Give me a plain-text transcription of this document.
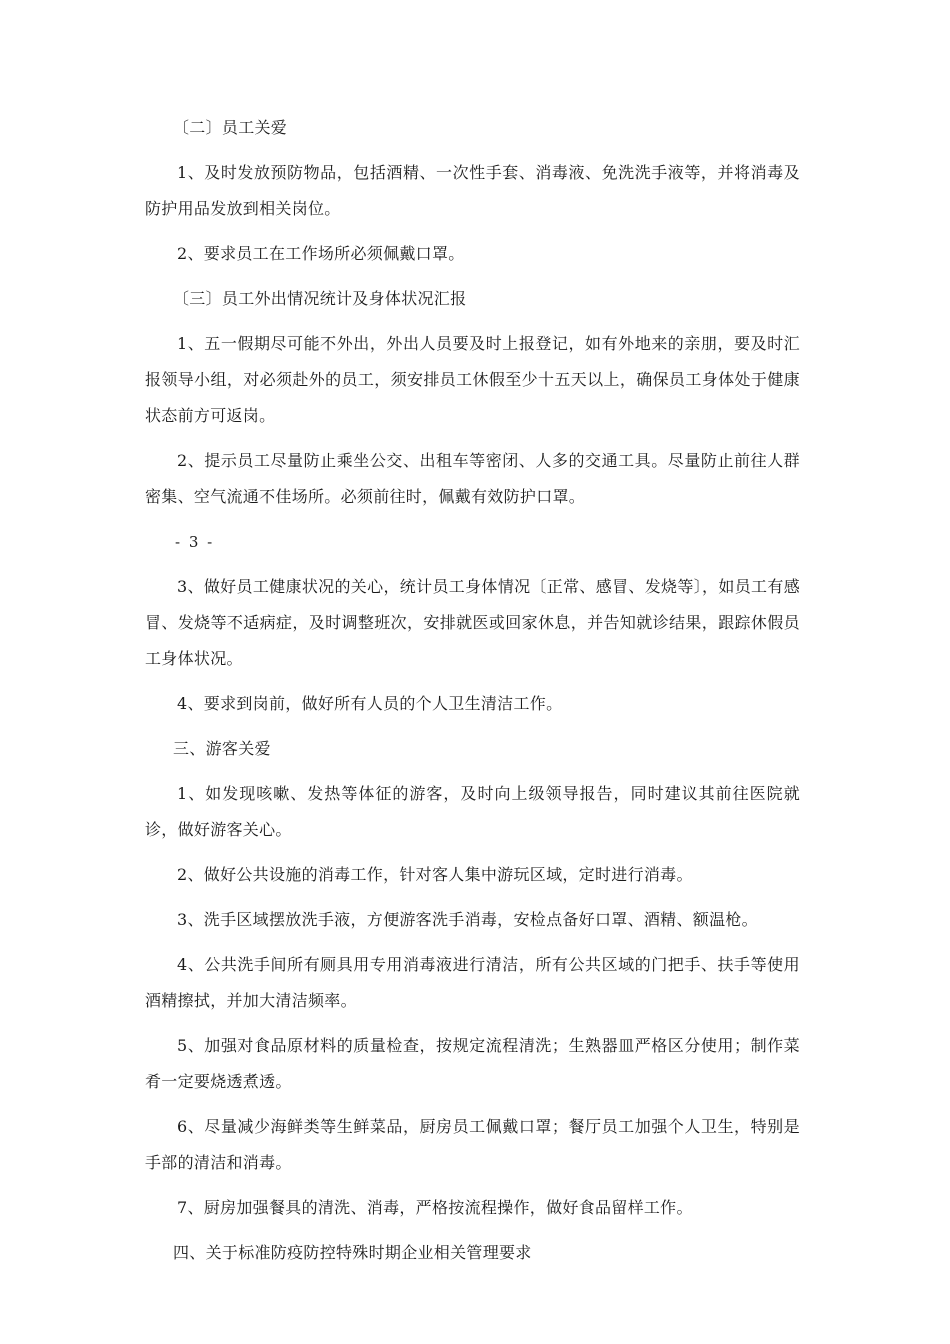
〔二〕员工关爱

1、及时发放预防物品，包括酒精、一次性手套、消毒液、免洗洗手液等，并将消毒及防护用品发放到相关岗位。

2、要求员工在工作场所必须佩戴口罩。

〔三〕员工外出情况统计及身体状况汇报

1、五一假期尽可能不外出，外出人员要及时上报登记，如有外地来的亲朋，要及时汇报领导小组，对必须赴外的员工，须安排员工休假至少十五天以上，确保员工身体处于健康状态前方可返岗。

2、提示员工尽量防止乘坐公交、出租车等密闭、人多的交通工具。尽量防止前往人群密集、空气流通不佳场所。必须前往时，佩戴有效防护口罩。

- 3 -

3、做好员工健康状况的关心，统计员工身体情况〔正常、感冒、发烧等〕，如员工有感冒、发烧等不适病症，及时调整班次，安排就医或回家休息，并告知就诊结果，跟踪休假员工身体状况。

4、要求到岗前，做好所有人员的个人卫生清洁工作。

三、游客关爱

1、如发现咳嗽、发热等体征的游客，及时向上级领导报告，同时建议其前往医院就诊，做好游客关心。

2、做好公共设施的消毒工作，针对客人集中游玩区域，定时进行消毒。

3、洗手区域摆放洗手液，方便游客洗手消毒，安检点备好口罩、酒精、额温枪。

4、公共洗手间所有厕具用专用消毒液进行清洁，所有公共区域的门把手、扶手等使用酒精擦拭，并加大清洁频率。

5、加强对食品原材料的质量检查，按规定流程清洗；生熟器皿严格区分使用；制作菜肴一定要烧透煮透。

6、尽量减少海鲜类等生鲜菜品，厨房员工佩戴口罩；餐厅员工加强个人卫生，特别是手部的清洁和消毒。

7、厨房加强餐具的清洗、消毒，严格按流程操作，做好食品留样工作。

四、关于标准防疫防控特殊时期企业相关管理要求
